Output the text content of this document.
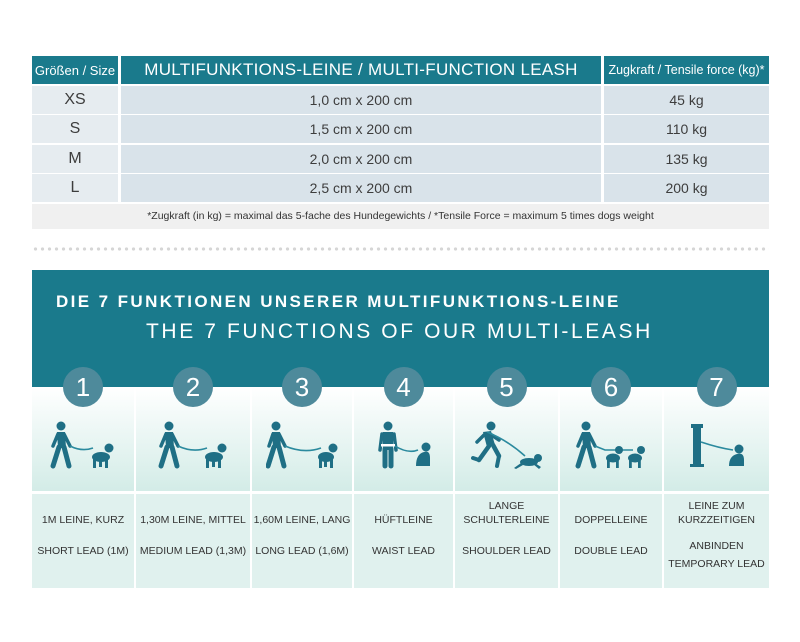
Größen / Size	MULTIFUNKTIONS-LEINE / MULTI-FUNCTION LEASH	Zugkraft / Tensile force (kg)*
XS	1,0 cm x 200 cm	45 kg
S	1,5 cm x 200 cm	110 kg
M	2,0 cm x 200 cm	135 kg
L	2,5 cm x 200 cm	200 kg
*Zugkraft (in kg) = maximal das 5-fache des Hundegewichts / *Tensile Force = maximum 5 times dogs weight
DIE 7 FUNKTIONEN UNSERER MULTIFUNKTIONS-LEINE
THE 7 FUNCTIONS OF OUR MULTI-LEASH
1
1M LEINE, KURZ
SHORT LEAD (1M)
2
1,30M LEINE, MITTEL
MEDIUM LEAD (1,3M)
3
1,60M LEINE, LANG
LONG LEAD (1,6M)
4
HÜFTLEINE
WAIST LEAD
5
LANGE
SCHULTERLEINE
SHOULDER LEAD
6
DOPPELLEINE
DOUBLE LEAD
7
LEINE ZUM
KURZZEITIGEN
ANBINDEN
TEMPORARY LEAD
